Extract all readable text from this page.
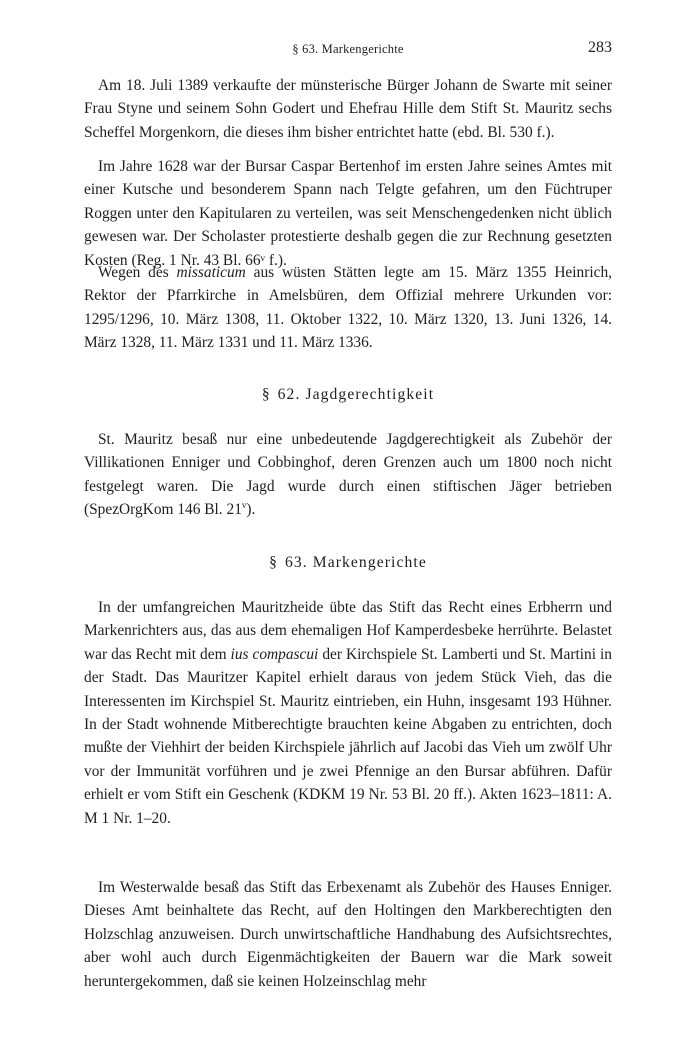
§ 63. Markengerichte	283

Am 18. Juli 1389 verkaufte der münsterische Bürger Johann de Swarte mit seiner Frau Styne und seinem Sohn Godert und Ehefrau Hille dem Stift St. Mauritz sechs Scheffel Morgenkorn, die dieses ihm bisher entrichtet hatte (ebd. Bl. 530 f.).

Im Jahre 1628 war der Bursar Caspar Bertenhof im ersten Jahre seines Amtes mit einer Kutsche und besonderem Spann nach Telgte gefahren, um den Füchtruper Roggen unter den Kapitularen zu verteilen, was seit Menschengedenken nicht üblich gewesen war. Der Scholaster protestierte deshalb gegen die zur Rechnung gesetzten Kosten (Reg. 1 Nr. 43 Bl. 66ᵛ f.).

Wegen des missaticum aus wüsten Stätten legte am 15. März 1355 Heinrich, Rektor der Pfarrkirche in Amelsbüren, dem Offizial mehrere Urkunden vor: 1295/1296, 10. März 1308, 11. Oktober 1322, 10. März 1320, 13. Juni 1326, 14. März 1328, 11. März 1331 und 11. März 1336.

§ 62. Jagdgerechtigkeit

St. Mauritz besaß nur eine unbedeutende Jagdgerechtigkeit als Zubehör der Villikationen Enniger und Cobbinghof, deren Grenzen auch um 1800 noch nicht festgelegt waren. Die Jagd wurde durch einen stiftischen Jäger betrieben (SpezOrgKom 146 Bl. 21$^v$).

§ 63. Markengerichte

In der umfangreichen Mauritzheide übte das Stift das Recht eines Erbherrn und Markenrichters aus, das aus dem ehemaligen Hof Kamperdesbeke herrührte. Belastet war das Recht mit dem ius compascui der Kirchspiele St. Lamberti und St. Martini in der Stadt. Das Mauritzer Kapitel erhielt daraus von jedem Stück Vieh, das die Interessenten im Kirchspiel St. Mauritz eintrieben, ein Huhn, insgesamt 193 Hühner. In der Stadt wohnende Mitberechtigte brauchten keine Abgaben zu entrichten, doch mußte der Viehhirt der beiden Kirchspiele jährlich auf Jacobi das Vieh um zwölf Uhr vor der Immunität vorführen und je zwei Pfennige an den Bursar abführen. Dafür erhielt er vom Stift ein Geschenk (KDKM 19 Nr. 53 Bl. 20 ff.). Akten 1623–1811: A. M 1 Nr. 1–20.

Im Westerwalde besaß das Stift das Erbexenamt als Zubehör des Hauses Enniger. Dieses Amt beinhaltete das Recht, auf den Holtingen den Markberechtigten den Holzschlag anzuweisen. Durch unwirtschaftliche Handhabung des Aufsichtsrechtes, aber wohl auch durch Eigenmächtigkeiten der Bauern war die Mark soweit heruntergekommen, daß sie keinen Holzeinschlag mehr
